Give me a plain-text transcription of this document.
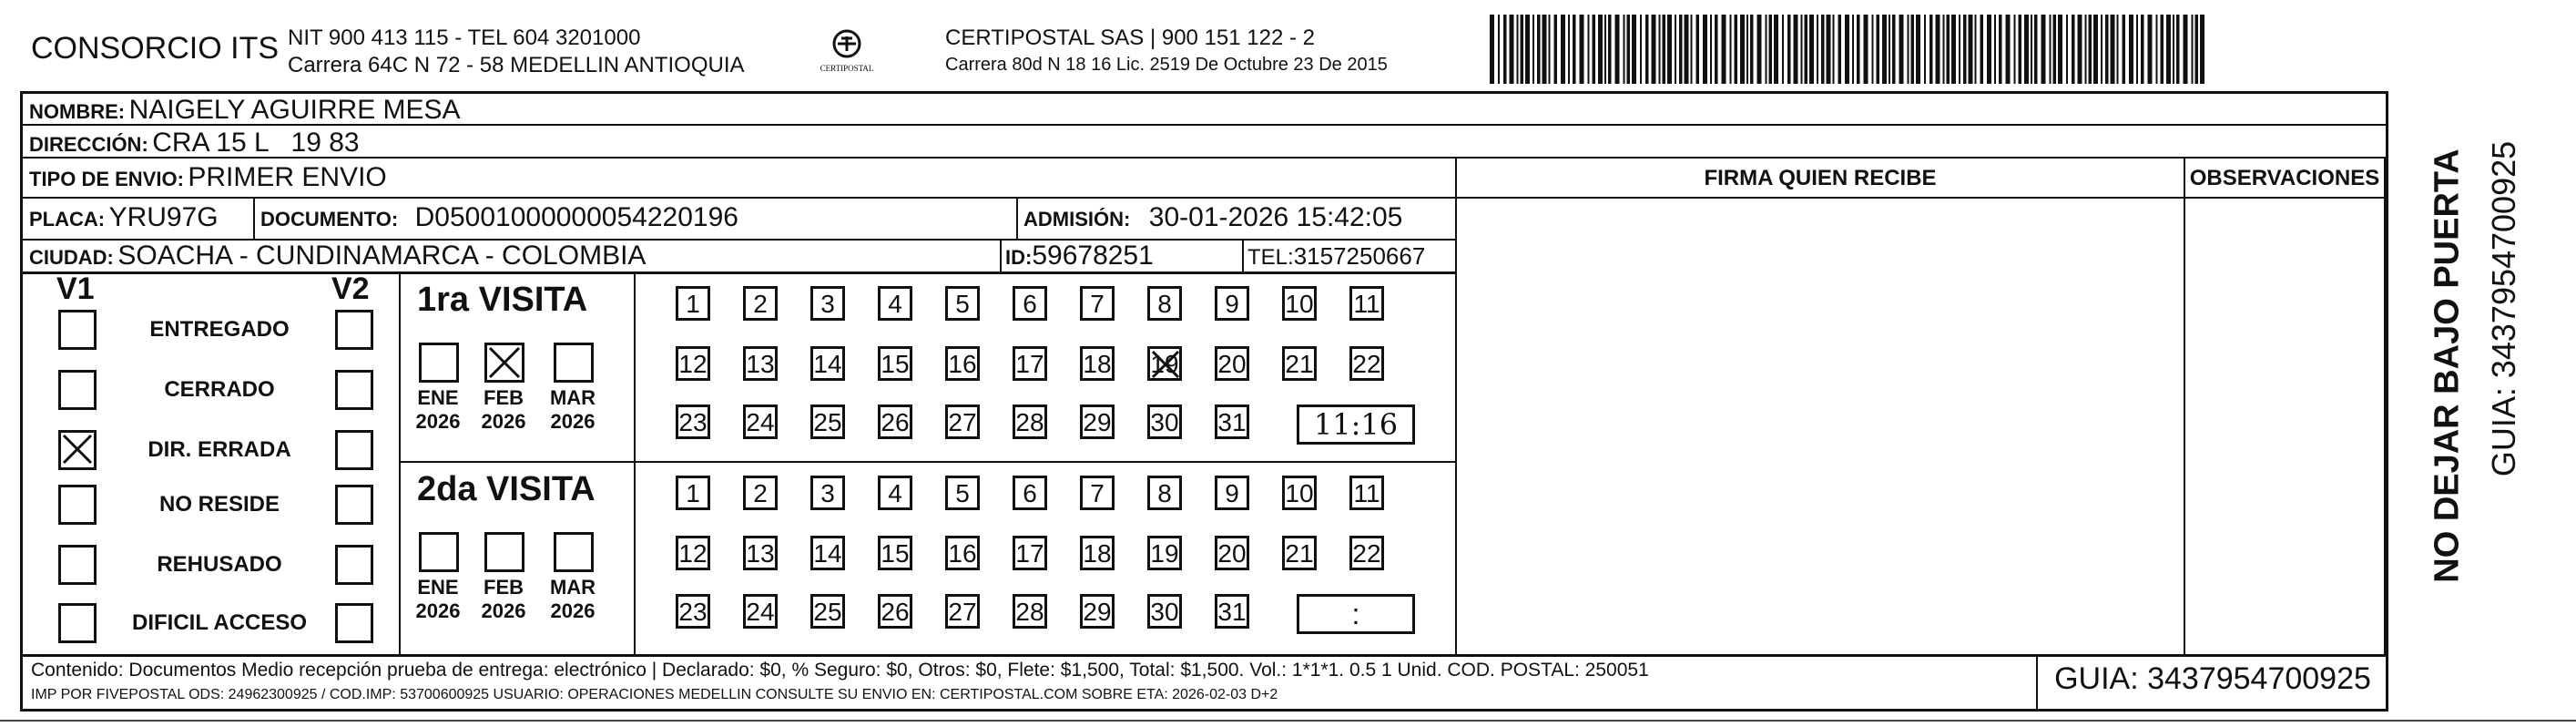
CONSORCIO ITS NIT 900 413 115 - TEL 604 3201000
Carrera 64C N 72 - 58 MEDELLIN ANTIOQUIA	CERTIPOSTAL
CERTIPOSTAL SAS | 900 151 122 - 2
Carrera 80d N 18 16 Lic. 2519 De Octubre 23 De 2015
NOMBRE: NAIGELY AGUIRRE MESA
DIRECCIÓN: CRA 15 L   19 83
TIPO DE ENVIO: PRIMER ENVIO
PLACA: YRU97G DOCUMENTO: D05001000000054220196	ADMISIÓN: 30-01-2026 15:42:05
CIUDAD: SOACHA - CUNDINAMARCA - COLOMBIA	ID:59678251	TEL:3157250667
FIRMA QUIEN RECIBE	OBSERVACIONES
V1	V2
ENTREGADO
CERRADO
DIR. ERRADA
NO RESIDE
REHUSADO
DIFICIL ACCESO
1ra VISITA
ENE
2026
FEB
2026
MAR
2026
1	2	3	4	5	6	7	8	9	10 11
12 13 14 15 16 17 18 19 20 21 22
23 24 25 26 27 28 29 30 31	11:16
2da VISITA
ENE
2026
FEB
2026
MAR
2026
1	2	3	4	5	6	7	8	9	10 11
12 13 14 15 16 17 18 19 20 21 22
23 24 25 26 27 28 29 30 31	:
Contenido: Documentos Medio recepción prueba de entrega: electrónico | Declarado: $0, % Seguro: $0, Otros: $0, Flete: $1,500, Total: $1,500. Vol.: 1*1*1. 0.5 1 Unid. COD. POSTAL: 250051
IMP POR FIVEPOSTAL ODS: 24962300925 / COD.IMP: 53700600925 USUARIO: OPERACIONES MEDELLIN CONSULTE SU ENVIO EN: CERTIPOSTAL.COM SOBRE ETA: 2026-02-03 D+2	GUIA: 3437954700925
NO DEJAR BAJO PUERTA GUIA: 3437954700925
